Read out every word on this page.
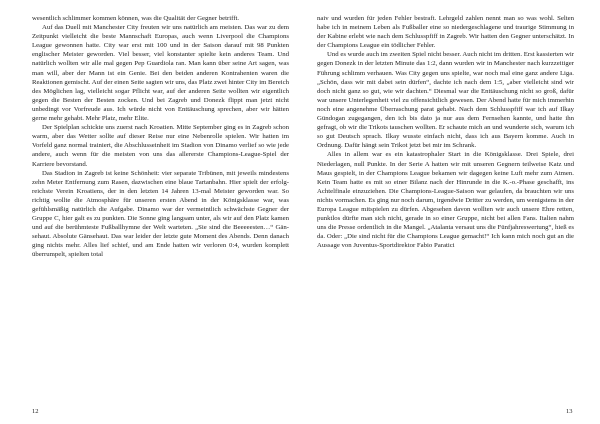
wesentlich schlimmer kommen können, was die Qualität der Gegner betrifft.

Auf das Duell mit Manchester City freuten wir uns natürlich am meisten. Das war zu dem Zeitpunkt vielleicht die beste Mannschaft Europas, auch wenn Liverpool die Champions League gewonnen hatte. City war erst mit 100 und in der Saison darauf mit 98 Punkten englischer Meister geworden. Viel besser, viel konstanter spielte kein anderes Team. Und natürlich wollten wir alle mal gegen Pep Guardiola ran. Man kann über seine Art sagen, was man will, aber der Mann ist ein Genie. Bei den beiden anderen Kontrahenten waren die Reaktionen gemischt. Auf der einen Seite sagten wir uns, das Platz zwei hinter City im Bereich des Möglichen lag, vielleicht sogar Pflicht war, auf der anderen Seite wollten wir eigentlich gegen die Besten der Besten zocken. Und bei Zagreb und Donezk flippt man jetzt nicht unbedingt vor Vorfreude aus. Ich würde nicht von Enttäuschung sprechen, aber wir hätten gerne mehr gehabt. Mehr Platz, mehr Elite.

Der Spielplan schickte uns zuerst nach Kroatien. Mitte September ging es in Zagreb schon warm, aber das Wetter sollte auf dieser Reise nur eine Nebenrolle spielen. Wir hatten im Vorfeld ganz normal trainiert, die Abschlusseinheit im Stadion von Dinamo verlief so wie jede andere, auch wenn für die meisten von uns das allererste Champions-League-Spiel der Karriere bevorstand.

Das Stadion in Zagreb ist keine Schönheit: vier separate Tribünen, mit jeweils mindestens zehn Meter Entfernung zum Rasen, dazwischen eine blaue Tartanbahn. Hier spielt der erfolgreichste Verein Kroatiens, der in den letzten 14 Jahren 13-mal Meister geworden war. So richtig wollte die Atmosphäre für unseren ersten Abend in der Königsklasse war, was gefühlsmäßig natürlich die Aufgabe. Dinamo war der vermeintlich schwächste Gegner der Gruppe C, hier galt es zu punkten. Die Sonne ging langsam unter, als wir auf den Platz kamen und auf die berühmteste Fußballhymne der Welt warteten. „Sie sind die Beeeeesten…“ Gänsehaut. Absolute Gänsehaut. Das war leider der letzte gute Moment des Abends. Denn danach ging nichts mehr. Alles lief schief, und am Ende hatten wir verloren 0:4, wurden komplett überrumpelt, spielten total

12

naiv und wurden für jeden Fehler bestraft. Lehrgeld zahlen nennt man so was wohl. Selten habe ich in meinem Leben als Fußballer eine so niedergeschlagene und traurige Stimmung in der Kabine erlebt wie nach dem Schlusspfiff in Zagreb. Wir hatten den Gegner unterschätzt. In der Champions League ein tödlicher Fehler.

Und es wurde auch im zweiten Spiel nicht besser. Auch nicht im dritten. Erst kassierten wir gegen Donezk in der letzten Minute das 1:2, dann wurden wir in Manchester nach kurzzeitiger Führung schlimm verhauen. Was City gegen uns spielte, war noch mal eine ganz andere Liga. „Schön, dass wir mit dabei sein dürfen“, dachte ich nach dem 1:5, „aber vielleicht sind wir doch nicht ganz so gut, wie wir dachten.“ Diesmal war die Enttäuschung nicht so groß, dafür war unsere Unterlegenheit viel zu offensichtlich gewesen. Der Abend hatte für mich immerhin noch eine angenehme Überraschung parat gehabt. Nach dem Schlusspfiff war ich auf Ilkay Gündogan zugegangen, den ich bis dato ja nur aus dem Fernsehen kannte, und hatte ihn gefragt, ob wir die Trikots tauschen wollten. Er schaute mich an und wunderte sich, warum ich so gut Deutsch sprach. Ilkay wusste einfach nicht, dass ich aus Bayern komme. Auch in Ordnung. Dafür hängt sein Trikot jetzt bei mir im Schrank.

Alles in allem war es ein katastrophaler Start in die Königsklasse. Drei Spiele, drei Niederlagen, null Punkte. In der Serie A hatten wir mit unseren Gegnern teilweise Katz und Maus gespielt, in der Champions League bekamen wir dagegen keine Luft mehr zum Atmen. Kein Team hatte es mit so einer Bilanz nach der Hinrunde in die K.-o.-Phase geschafft, ins Achtelfinale einzuziehen. Die Champions-League-Saison war gelaufen, da brauchten wir uns nichts vormachen. Es ging nur noch darum, irgendwie Dritter zu werden, um wenigstens in der Europa League mitspielen zu dürfen. Abgesehen davon wollten wir auch unsere Ehre retten, punktlos dürfte man sich nicht, gerade in so einer Gruppe, nicht bei allen Fans. Italien nahm uns die Presse ordentlich in die Mangel. „Atalanta versaut uns die Fünfjahreswertung“, hieß es da. Oder: „Die sind nicht für die Champions League gemacht!“ Ich kann mich noch gut an die Aussage von Juventus-Sportdirektor Fabio Paratici

13
